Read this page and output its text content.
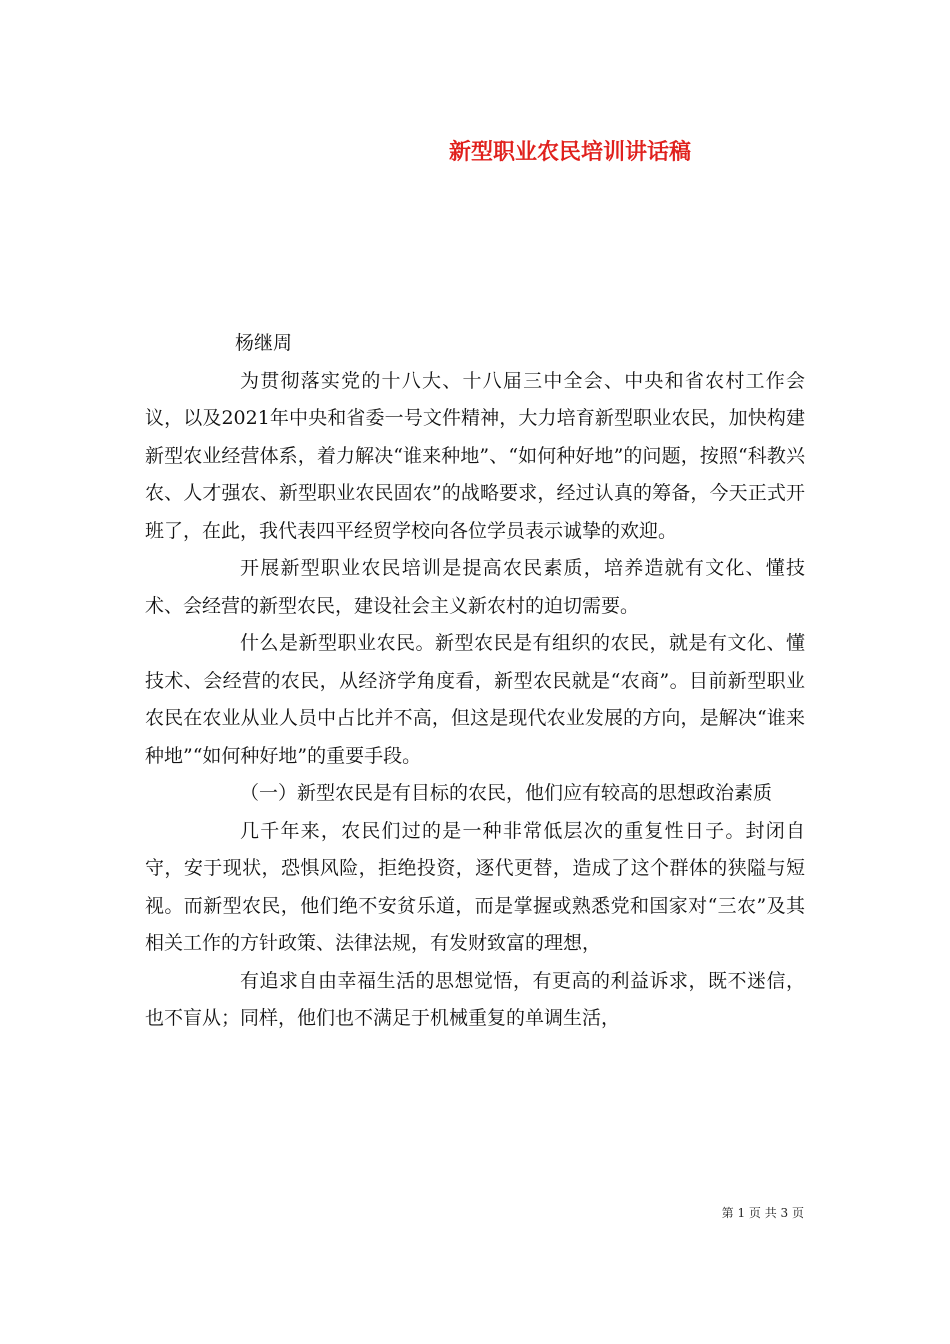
新型职业农民培训讲话稿

杨继周

为贯彻落实党的十八大、十八届三中全会、中央和省农村工作会议，以及2021年中央和省委一号文件精神，大力培育新型职业农民，加快构建新型农业经营体系，着力解决“谁来种地”、“如何种好地”的问题，按照“科教兴农、人才强农、新型职业农民固农”的战略要求，经过认真的筹备，今天正式开班了，在此，我代表四平经贸学校向各位学员表示诚挚的欢迎。

开展新型职业农民培训是提高农民素质，培养造就有文化、懂技术、会经营的新型农民，建设社会主义新农村的迫切需要。

什么是新型职业农民。新型农民是有组织的农民，就是有文化、懂技术、会经营的农民，从经济学角度看，新型农民就是“农商”。目前新型职业农民在农业从业人员中占比并不高，但这是现代农业发展的方向，是解决“谁来种地”“如何种好地”的重要手段。

（一）新型农民是有目标的农民，他们应有较高的思想政治素质

几千年来，农民们过的是一种非常低层次的重复性日子。封闭自守，安于现状，恐惧风险，拒绝投资，逐代更替，造成了这个群体的狭隘与短视。而新型农民，他们绝不安贫乐道，而是掌握或熟悉党和国家对“三农”及其相关工作的方针政策、法律法规，有发财致富的理想，

有追求自由幸福生活的思想觉悟，有更高的利益诉求，既不迷信，也不盲从；同样，他们也不满足于机械重复的单调生活，

第 1 页 共 3 页
